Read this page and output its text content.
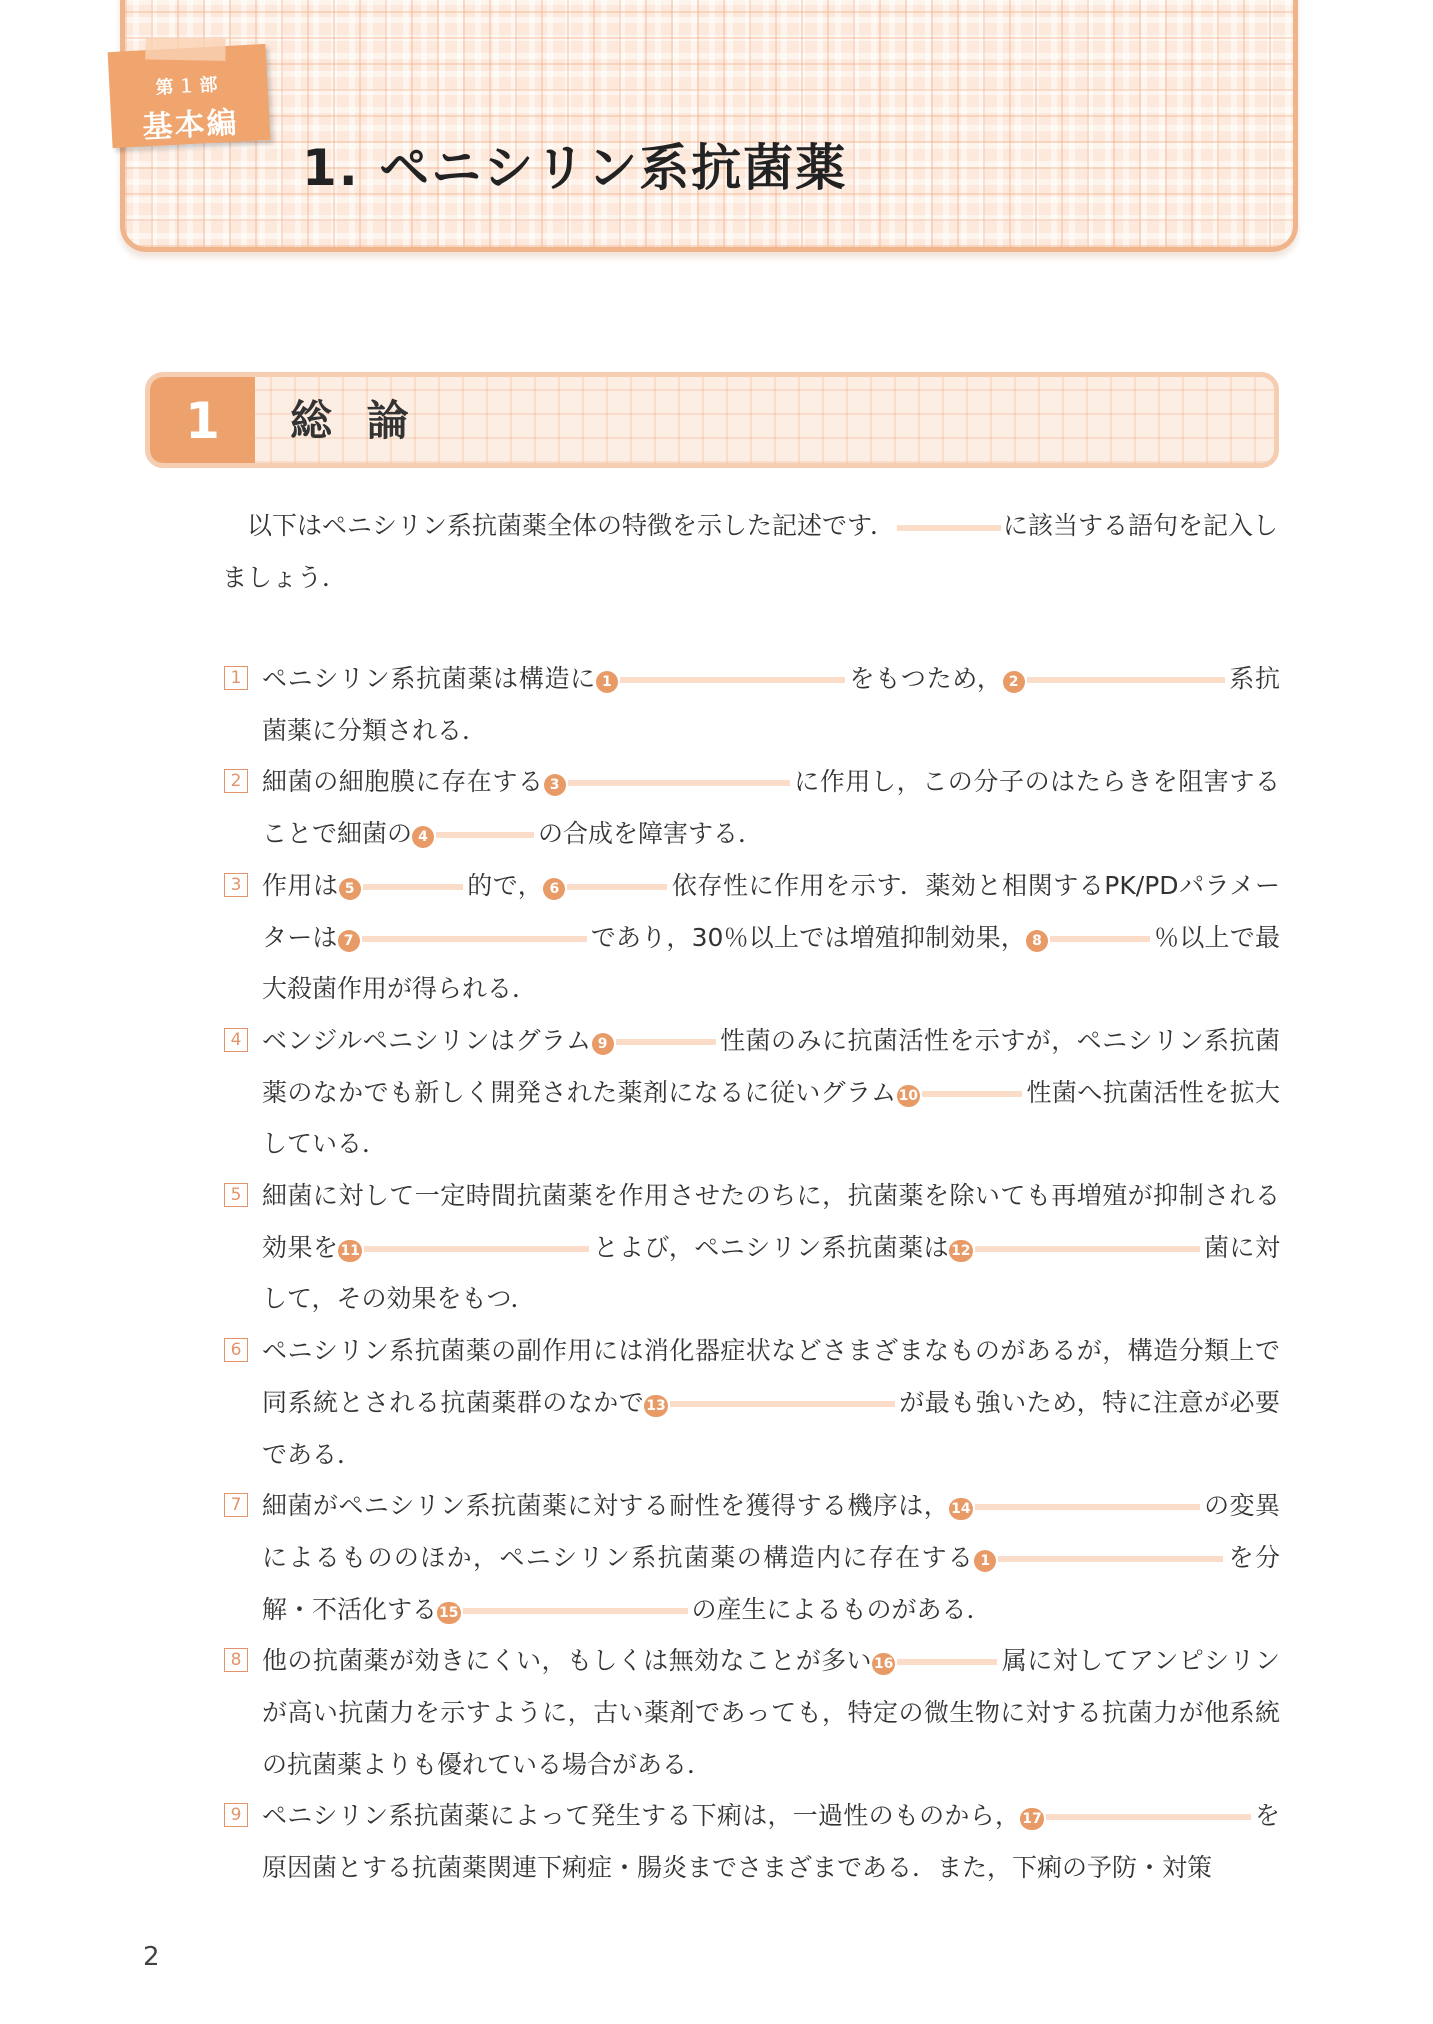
第１部
基本編
1. ペニシリン系抗菌薬
1	総 論

以下はペニシリン系抗菌薬全体の特徴を示した記述です．	に該当する語句を記入しましょう．

1 ペニシリン系抗菌薬は構造に 1	をもつため， 2	系抗菌薬に分類される．
2 細菌の細胞膜に存在する 3	に作用し，この分子のはたらきを阻害することで細菌の 4	の合成を障害する．
3 作用は 5	的で， 6	依存性に作用を示す．薬効と相関するPK/PDパラメーターは 7	であり，30％以上では増殖抑制効果， 8	％以上で最大殺菌作用が得られる．
4 ベンジルペニシリンはグラム 9	性菌のみに抗菌活性を示すが，ペニシリン系抗菌薬のなかでも新しく開発された薬剤になるに従いグラム 10	性菌へ抗菌活性を拡大している．
5 細菌に対して一定時間抗菌薬を作用させたのちに，抗菌薬を除いても再増殖が抑制される効果を 11	とよび，ペニシリン系抗菌薬は 12	菌に対して，その効果をもつ．
6 ペニシリン系抗菌薬の副作用には消化器症状などさまざまなものがあるが，構造分類上で同系統とされる抗菌薬群のなかで 13	が最も強いため，特に注意が必要である．
7 細菌がペニシリン系抗菌薬に対する耐性を獲得する機序は， 14	の変異によるもののほか，ペニシリン系抗菌薬の構造内に存在する 1	を分解・不活化する 15	の産生によるものがある．
8 他の抗菌薬が効きにくい，もしくは無効なことが多い 16	属に対してアンピシリンが高い抗菌力を示すように，古い薬剤であっても，特定の微生物に対する抗菌力が他系統の抗菌薬よりも優れている場合がある．
9 ペニシリン系抗菌薬によって発生する下痢は，一過性のものから， 17	を原因菌とする抗菌薬関連下痢症・腸炎までさまざまである．また，下痢の予防・対策
2
